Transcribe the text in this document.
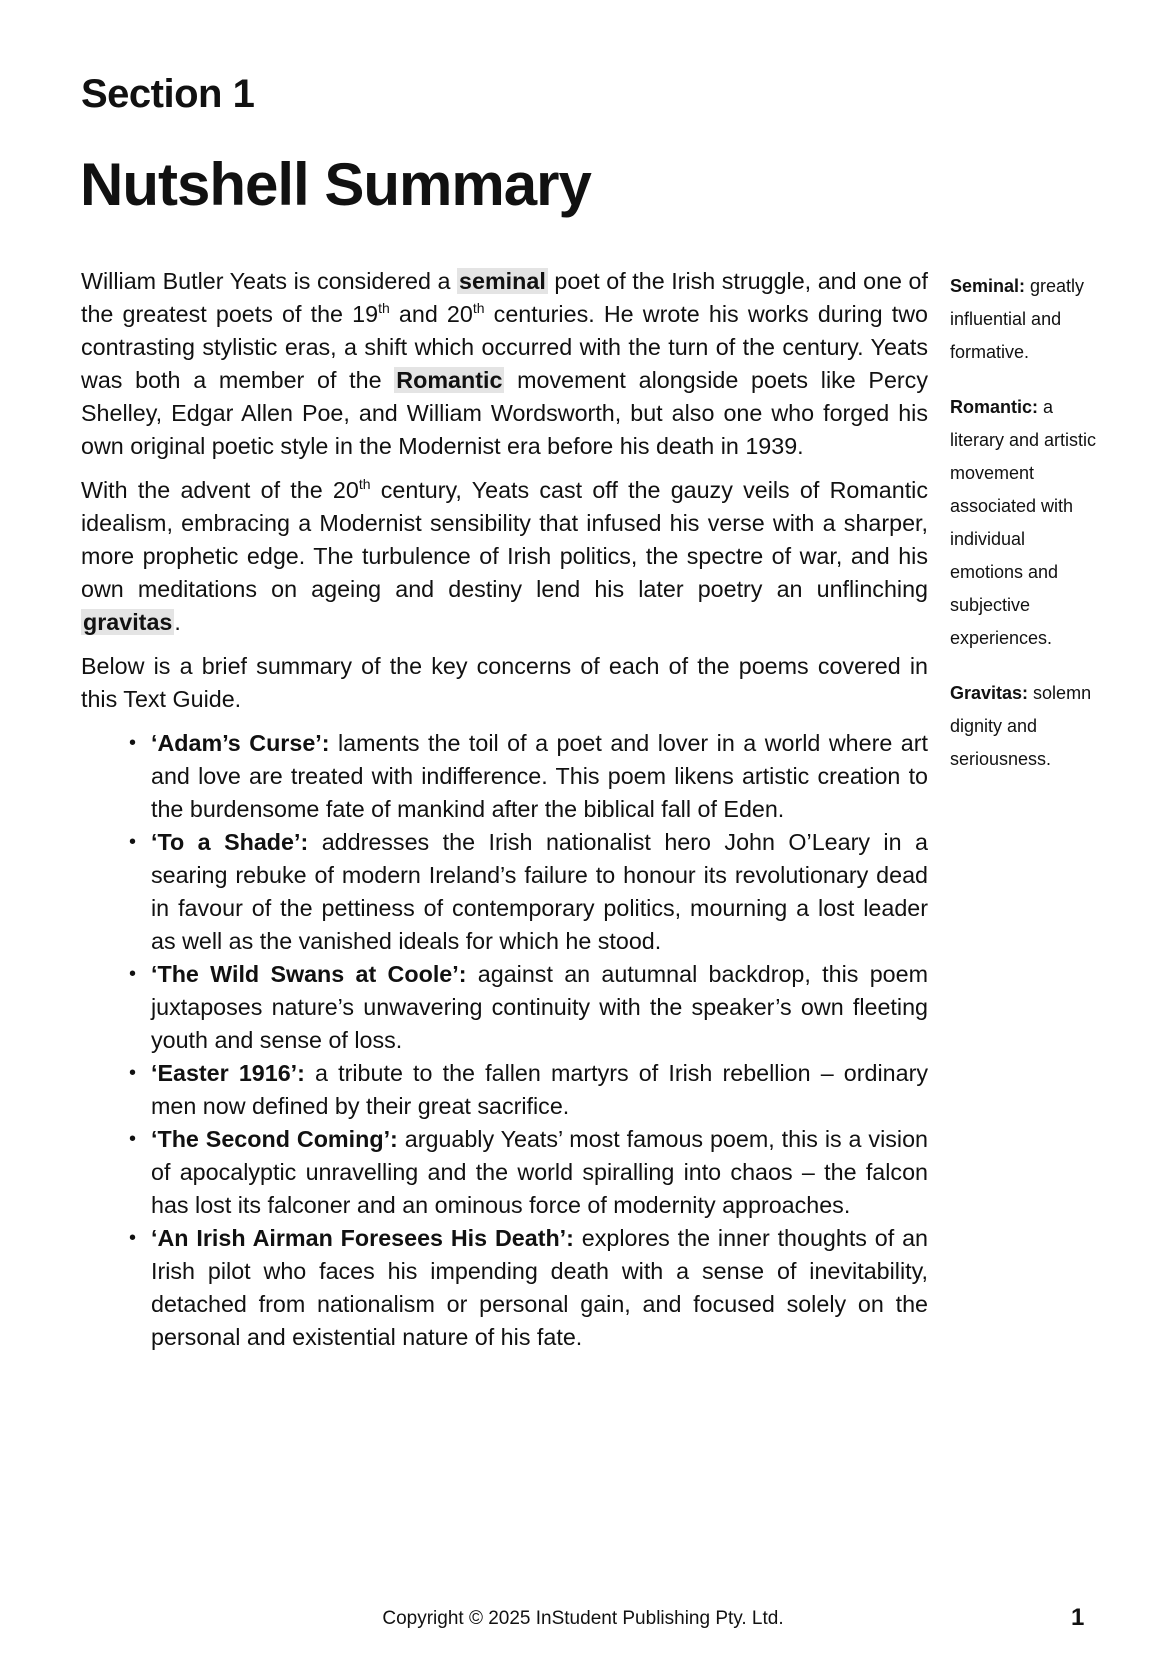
Section 1
Nutshell Summary

William Butler Yeats is considered a seminal poet of the Irish struggle, and one of the greatest poets of the 19th and 20th centuries. He wrote his works during two contrasting stylistic eras, a shift which occurred with the turn of the century. Yeats was both a member of the Romantic movement alongside poets like Percy Shelley, Edgar Allen Poe, and William Wordsworth, but also one who forged his own original poetic style in the Modernist era before his death in 1939.

With the advent of the 20th century, Yeats cast off the gauzy veils of Romantic idealism, embracing a Modernist sensibility that infused his verse with a sharper, more prophetic edge. The turbulence of Irish politics, the spectre of war, and his own meditations on ageing and destiny lend his later poetry an unflinching gravitas.

Below is a brief summary of the key concerns of each of the poems covered in this Text Guide.

• ‘Adam’s Curse’: laments the toil of a poet and lover in a world where art and love are treated with indifference. This poem likens artistic creation to the burdensome fate of mankind after the biblical fall of Eden.
• ‘To a Shade’: addresses the Irish nationalist hero John O’Leary in a searing rebuke of modern Ireland’s failure to honour its revolutionary dead in favour of the pettiness of contemporary politics, mourning a lost leader as well as the vanished ideals for which he stood.
• ‘The Wild Swans at Coole’: against an autumnal backdrop, this poem juxtaposes nature’s unwavering continuity with the speaker’s own fleeting youth and sense of loss.
• ‘Easter 1916’: a tribute to the fallen martyrs of Irish rebellion – ordinary men now defined by their great sacrifice.
• ‘The Second Coming’: arguably Yeats’ most famous poem, this is a vision of apocalyptic unravelling and the world spiralling into chaos – the falcon has lost its falconer and an ominous force of modernity approaches.
• ‘An Irish Airman Foresees His Death’: explores the inner thoughts of an Irish pilot who faces his impending death with a sense of inevitability, detached from nationalism or personal gain, and focused solely on the personal and existential nature of his fate.
Seminal: greatly influential and formative.
Romantic: a literary and artistic movement associated with individual emotions and subjective experiences.
Gravitas: solemn dignity and seriousness.
Copyright © 2025 InStudent Publishing Pty. Ltd.	1
